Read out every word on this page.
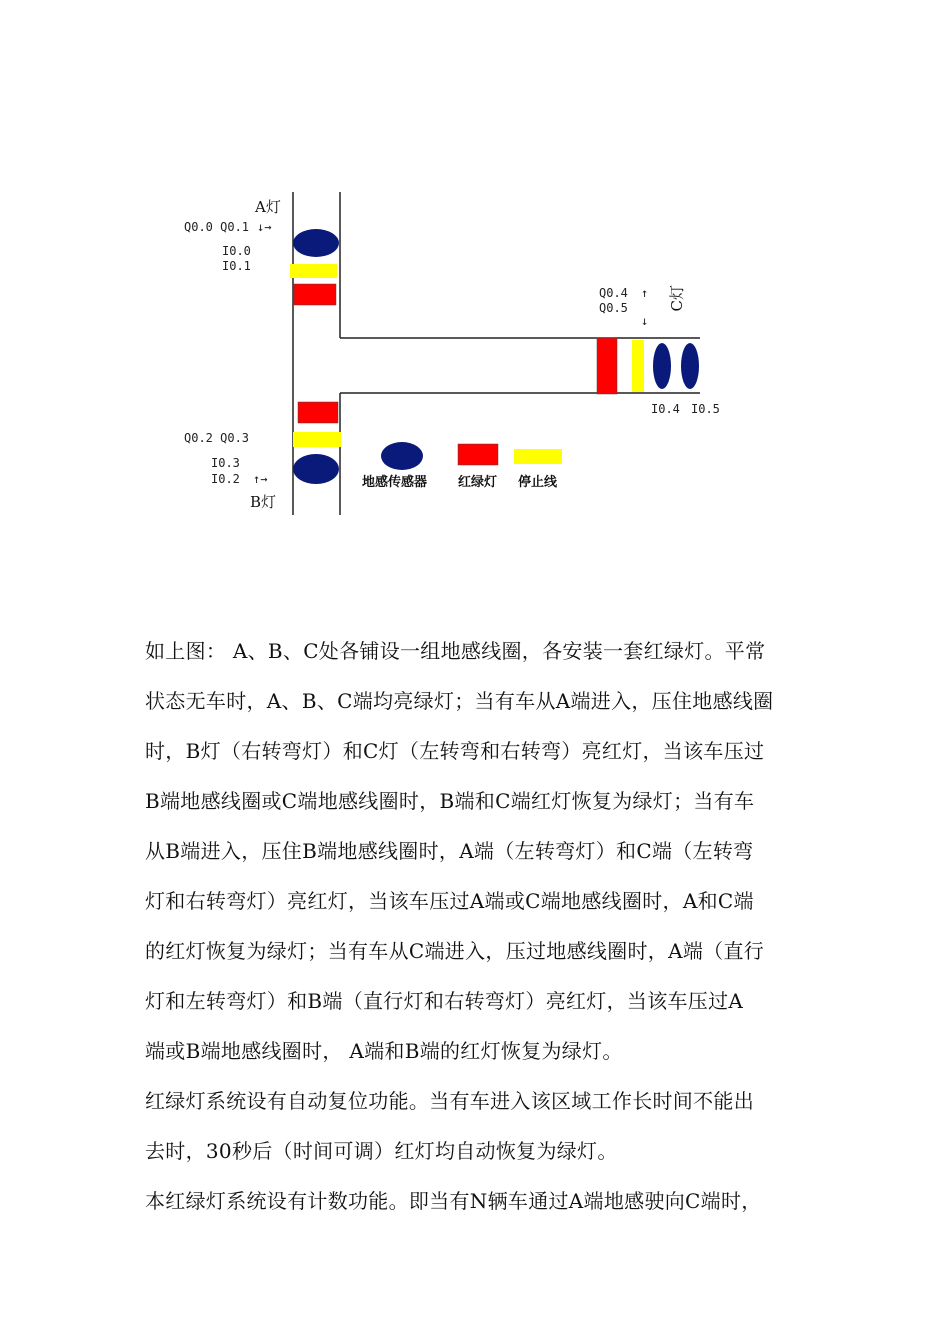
A灯
Q0.0 Q0.1 ↓→
I0.0
I0.1
Q0.2 Q0.3
I0.3
I0.2 ↑→
B灯
Q0.4
Q0.5
↑
↓
C灯
I0.4 I0.5
地感传感器 红绿灯 停止线

如上图： A、B、C处各铺设一组地感线圈，各安装一套红绿灯。平常
状态无车时，A、B、C端均亮绿灯；当有车从A端进入，压住地感线圈
时，B灯（右转弯灯）和C灯（左转弯和右转弯）亮红灯，当该车压过
B端地感线圈或C端地感线圈时，B端和C端红灯恢复为绿灯；当有车
从B端进入，压住B端地感线圈时，A端（左转弯灯）和C端（左转弯
灯和右转弯灯）亮红灯，当该车压过A端或C端地感线圈时，A和C端
的红灯恢复为绿灯；当有车从C端进入，压过地感线圈时，A端（直行
灯和左转弯灯）和B端（直行灯和右转弯灯）亮红灯，当该车压过A
端或B端地感线圈时， A端和B端的红灯恢复为绿灯。

红绿灯系统设有自动复位功能。当有车进入该区域工作长时间不能出
去时，30秒后（时间可调）红灯均自动恢复为绿灯。

本红绿灯系统设有计数功能。即当有N辆车通过A端地感驶向C端时，
